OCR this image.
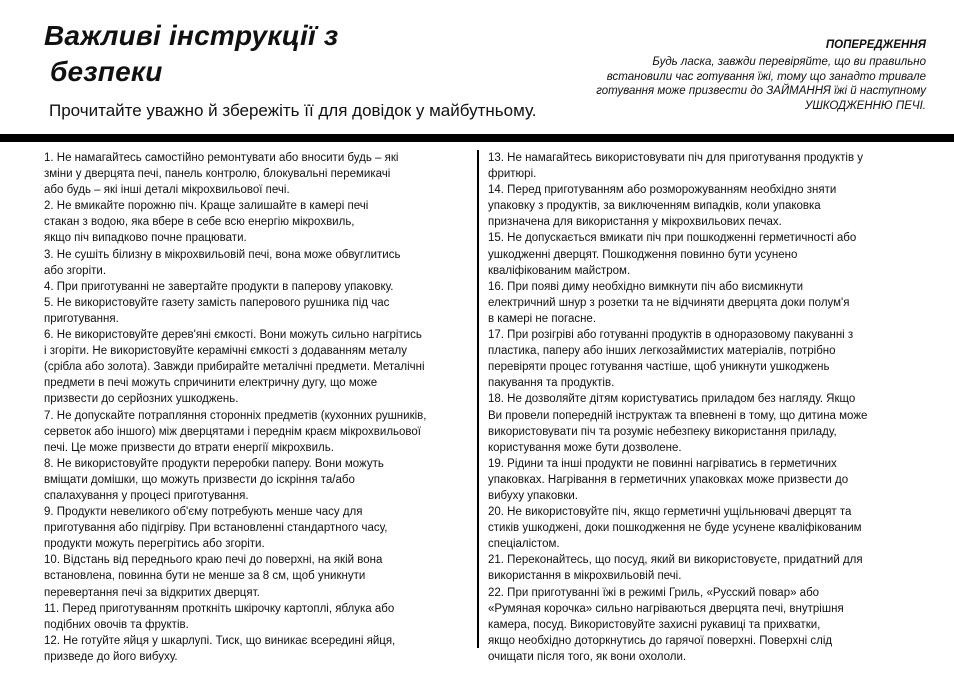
Важливі інструкції з
безпеки

Прочитайте уважно й збережіть її для довідок у майбутньому.

ПОПЕРЕДЖЕННЯ
Будь ласка, завжди перевіряйте, що ви правильно
встановили час готування їжі, тому що занадто тривале
готування може призвести до ЗАЙМАННЯ їжі й наступному
УШКОДЖЕННЮ ПЕЧІ.

1. Не намагайтесь самостійно ремонтувати або вносити будь – які
зміни у дверцята печі, панель контролю, блокувальні перемикачі
або будь – які інші деталі мікрохвильової печі.

2. Не вмикайте порожню піч. Краще залишайте в камері печі
стакан з водою, яка вбере в себе всю енергію мікрохвиль,
якщо піч випадково почне працювати.

3. Не сушіть білизну в мікрохвильовій печі, вона може обвуглитись
або згоріти.

4. При приготуванні не завертайте продукти в паперову упаковку.

5. Не використовуйте газету замість паперового рушника під час
приготування.

6. Не використовуйте дерев'яні ємкості. Вони можуть сильно нагрітись
і згоріти. Не використовуйте керамічні ємкості з додаванням металу
(срібла або золота). Завжди прибирайте металічні предмети. Металічні
предмети в печі можуть спричинити електричну дугу, що може
призвести до серйозних ушкоджень.

7. Не допускайте потрапляння сторонніх предметів (кухонних рушників,
серветок або іншого) між дверцятами і переднім краєм мікрохвильової
печі. Це може призвести до втрати енергії мікрохвиль.

8. Не використовуйте продукти переробки паперу. Вони можуть
вміщати домішки, що можуть призвести до іскріння та/або
спалахування у процесі приготування.

9. Продукти невеликого об'єму потребують менше часу для
приготування або підігріву. При встановленні стандартного часу,
продукти можуть перегрітись або згоріти.

10. Відстань від переднього краю печі до поверхні, на якій вона
встановлена, повинна бути не менше за 8 см, щоб уникнути
перевертання печі за відкритих дверцят.

11. Перед приготуванням проткніть шкірочку картоплі, яблука або
подібних овочів та фруктів.

12. Не готуйте яйця у шкарлупі. Тиск, що виникає всередині яйця,
призведе до його вибуху.

13. Не намагайтесь використовувати піч для приготування продуктів у
фритюрі.

14. Перед приготуванням або розморожуванням необхідно зняти
упаковку з продуктів, за виключенням випадків, коли упаковка
призначена для використання у мікрохвильових печах.

15. Не допускається вмикати піч при пошкодженні герметичності або
ушкодженні дверцят. Пошкодження повинно бути усунено
кваліфікованим майстром.

16. При появі диму необхідно вимкнути піч або висмикнути
електричний шнур з розетки та не відчиняти дверцята доки полум'я
в камері не погасне.

17. При розігріві або готуванні продуктів в одноразовому пакуванні з
пластика, паперу або інших легкозаймистих матеріалів, потрібно
перевіряти процес готування частіше, щоб уникнути ушкоджень
пакування та продуктів.

18. Не дозволяйте дітям користуватись приладом без нагляду. Якщо
Ви провели попередній інструктаж та впевнені в тому, що дитина може
використовувати піч та розуміє небезпеку використання приладу,
користування може бути дозволене.

19. Рідини та інші продукти не повинні нагріватись в герметичних
упаковках. Нагрівання в герметичних упаковках може призвести до
вибуху упаковки.

20. Не використовуйте піч, якщо герметичні ущільнювачі дверцят та
стиків ушкоджені, доки пошкодження не буде усунене кваліфікованим
спеціалістом.

21. Переконайтесь, що посуд, який ви використовуєте, придатний для
використання в мікрохвильовій печі.

22. При приготуванні їжі в режимі Гриль, «Русский повар» або
«Румяная корочка» сильно нагріваються дверцята печі, внутрішня
камера, посуд. Використовуйте захисні рукавиці та прихватки,
якщо необхідно доторкнутись до гарячої поверхні. Поверхні слід
очищати після того, як вони охололи.
